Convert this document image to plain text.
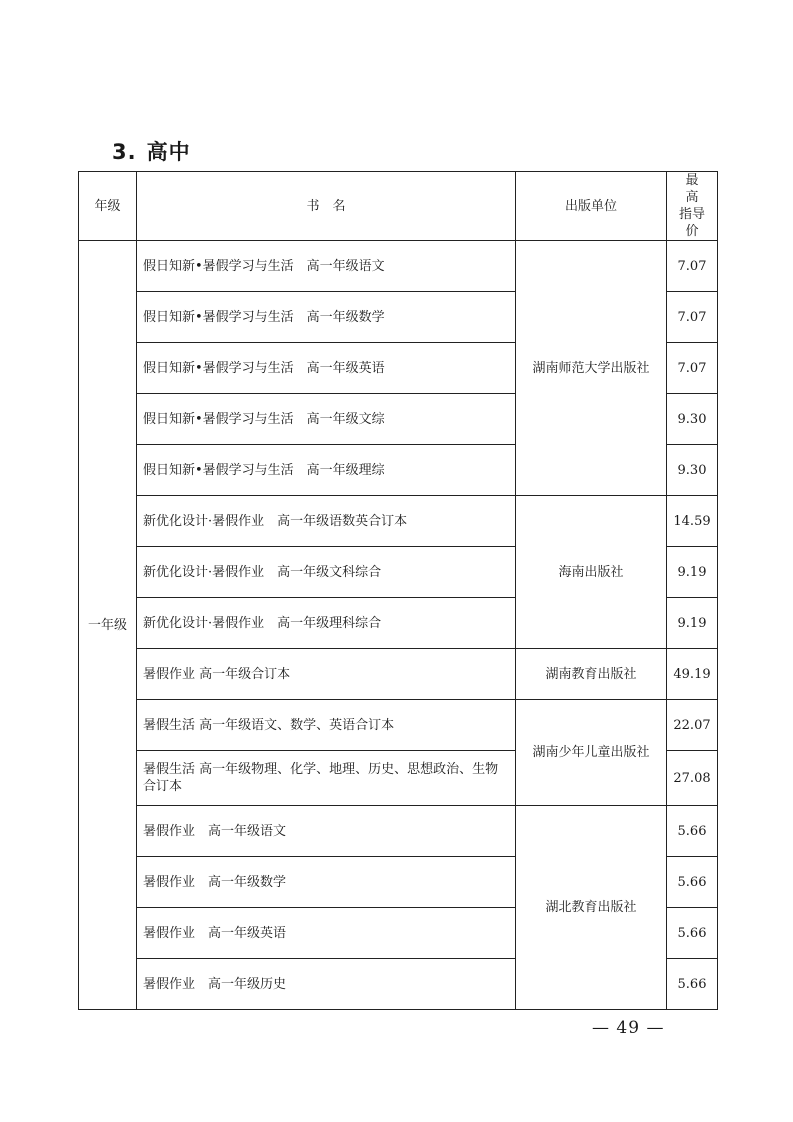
3. 高中
年级	书　名	出版单位	最　高
指导价
一年级	假日知新•暑假学习与生活　高一年级语文	湖南师范大学出版社	7.07
	假日知新•暑假学习与生活　高一年级数学		7.07
	假日知新•暑假学习与生活　高一年级英语		7.07
	假日知新•暑假学习与生活　高一年级文综		9.30
	假日知新•暑假学习与生活　高一年级理综		9.30
	新优化设计·暑假作业　高一年级语数英合订本	海南出版社	14.59
	新优化设计·暑假作业　高一年级文科综合		9.19
	新优化设计·暑假作业　高一年级理科综合		9.19
	暑假作业 高一年级合订本	湖南教育出版社	49.19
	暑假生活 高一年级语文、数学、英语合订本	湖南少年儿童出版社	22.07
	暑假生活 高一年级物理、化学、地理、历史、思想政治、生物合订本		27.08
	暑假作业　高一年级语文	湖北教育出版社	5.66
	暑假作业　高一年级数学		5.66
	暑假作业　高一年级英语		5.66
	暑假作业　高一年级历史		5.66

— 49 —
